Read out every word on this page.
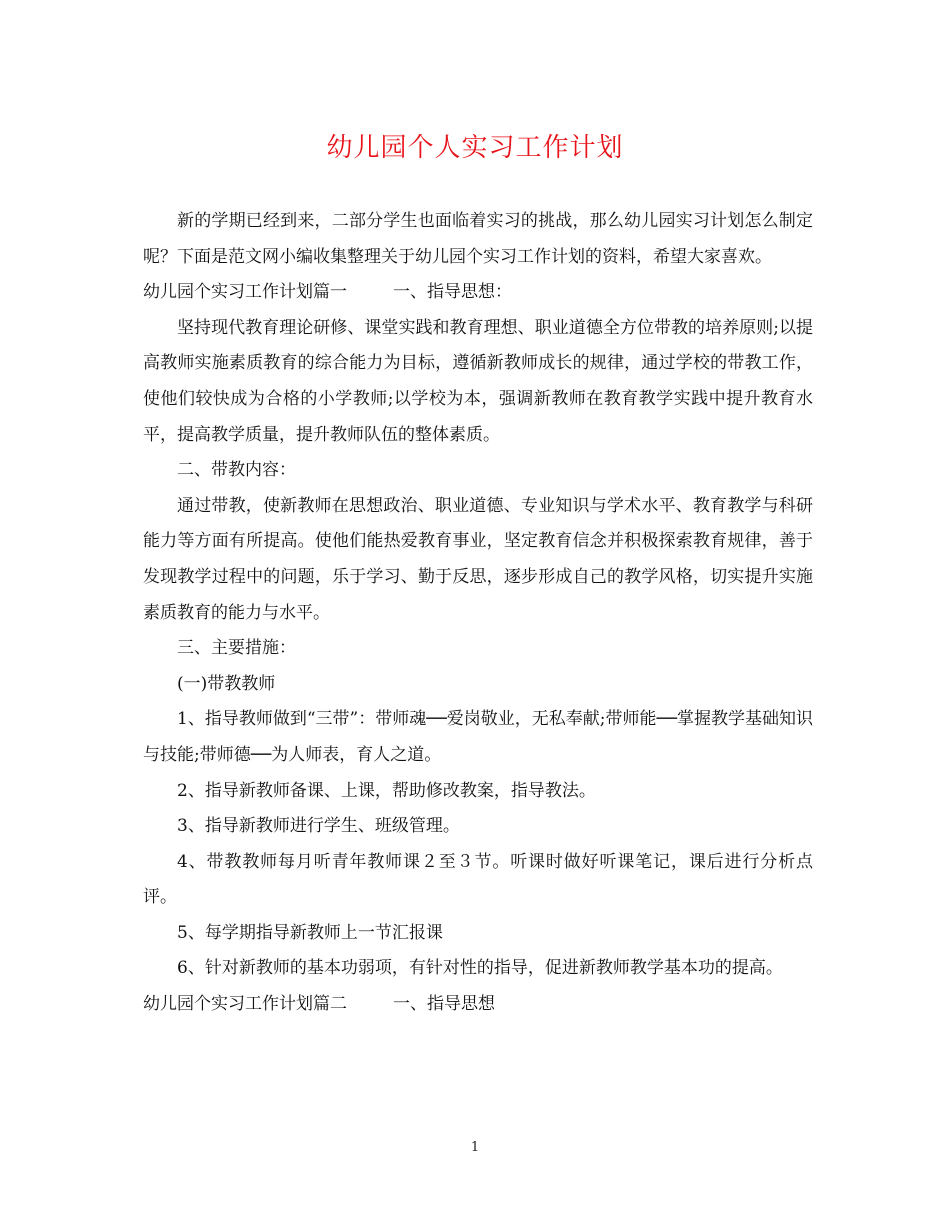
幼儿园个人实习工作计划

新的学期已经到来，二部分学生也面临着实习的挑战，那么幼儿园实习计划怎么制定呢？下面是范文网小编收集整理关于幼儿园个实习工作计划的资料，希望大家喜欢。

幼儿园个实习工作计划篇一	一、指导思想：

坚持现代教育理论研修、课堂实践和教育理想、职业道德全方位带教的培养原则;以提高教师实施素质教育的综合能力为目标，遵循新教师成长的规律，通过学校的带教工作，使他们较快成为合格的小学教师;以学校为本，强调新教师在教育教学实践中提升教育水平，提高教学质量，提升教师队伍的整体素质。

二、带教内容：

通过带教，使新教师在思想政治、职业道德、专业知识与学术水平、教育教学与科研能力等方面有所提高。使他们能热爱教育事业，坚定教育信念并积极探索教育规律，善于发现教学过程中的问题，乐于学习、勤于反思，逐步形成自己的教学风格，切实提升实施素质教育的能力与水平。

三、主要措施：

(一)带教教师

1、指导教师做到“三带”：带师魂──爱岗敬业，无私奉献;带师能──掌握教学基础知识与技能;带师德──为人师表，育人之道。

2、指导新教师备课、上课，帮助修改教案，指导教法。

3、指导新教师进行学生、班级管理。

4、带教教师每月听青年教师课２至３节。听课时做好听课笔记，课后进行分析点评。

5、每学期指导新教师上一节汇报课

6、针对新教师的基本功弱项，有针对性的指导，促进新教师教学基本功的提高。

幼儿园个实习工作计划篇二	一、指导思想

1
